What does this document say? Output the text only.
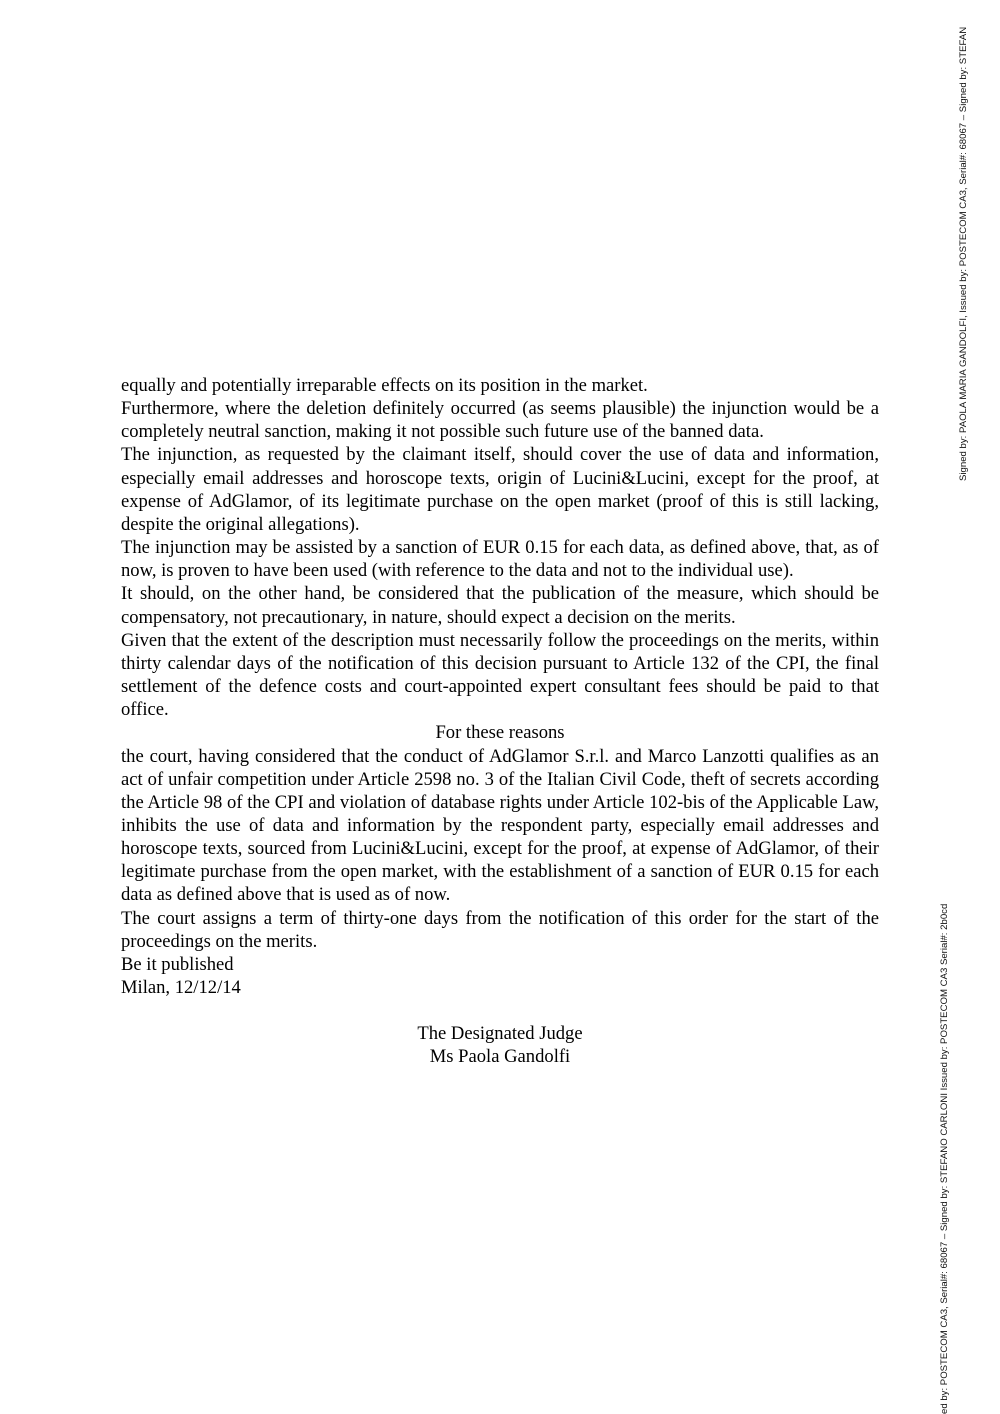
equally and potentially irreparable effects on its position in the market.

Furthermore, where the deletion definitely occurred (as seems plausible) the injunction would be a completely neutral sanction, making it not possible such future use of the banned data.

The injunction, as requested by the claimant itself, should cover the use of data and information, especially email addresses and horoscope texts, origin of Lucini&Lucini, except for the proof, at expense of AdGlamor, of its legitimate purchase on the open market (proof of this is still lacking, despite the original allegations).

The injunction may be assisted by a sanction of EUR 0.15 for each data, as defined above, that, as of now, is proven to have been used (with reference to the data and not to the individual use).

It should, on the other hand, be considered that the publication of the measure, which should be compensatory, not precautionary, in nature, should expect a decision on the merits.

Given that the extent of the description must necessarily follow the proceedings on the merits, within thirty calendar days of the notification of this decision pursuant to Article 132 of the CPI, the final settlement of the defence costs and court-appointed expert consultant fees should be paid to that office.

For these reasons

the court, having considered that the conduct of AdGlamor S.r.l. and Marco Lanzotti qualifies as an act of unfair competition under Article 2598 no. 3 of the Italian Civil Code, theft of secrets according the Article 98 of the CPI and violation of database rights under Article 102-bis of the Applicable Law, inhibits the use of data and information by the respondent party, especially email addresses and horoscope texts, sourced from Lucini&Lucini, except for the proof, at expense of AdGlamor, of their legitimate purchase from the open market, with the establishment of a sanction of EUR 0.15 for each data as defined above that is used as of now.

The court assigns a term of thirty-one days from the notification of this order for the start of the proceedings on the merits.

Be it published

Milan, 12/12/14

The Designated Judge

Ms Paola Gandolfi

Signed by: PAOLA MARIA GANDOLFI, Issued by: POSTECOM CA3, Serial#: 68067 – Signed by: STEFAN
ed by: POSTECOM CA3, Serial#: 68067 – Signed by: STEFANO CARLONI Issued by: POSTECOM CA3 Serial#: 2b0cd
